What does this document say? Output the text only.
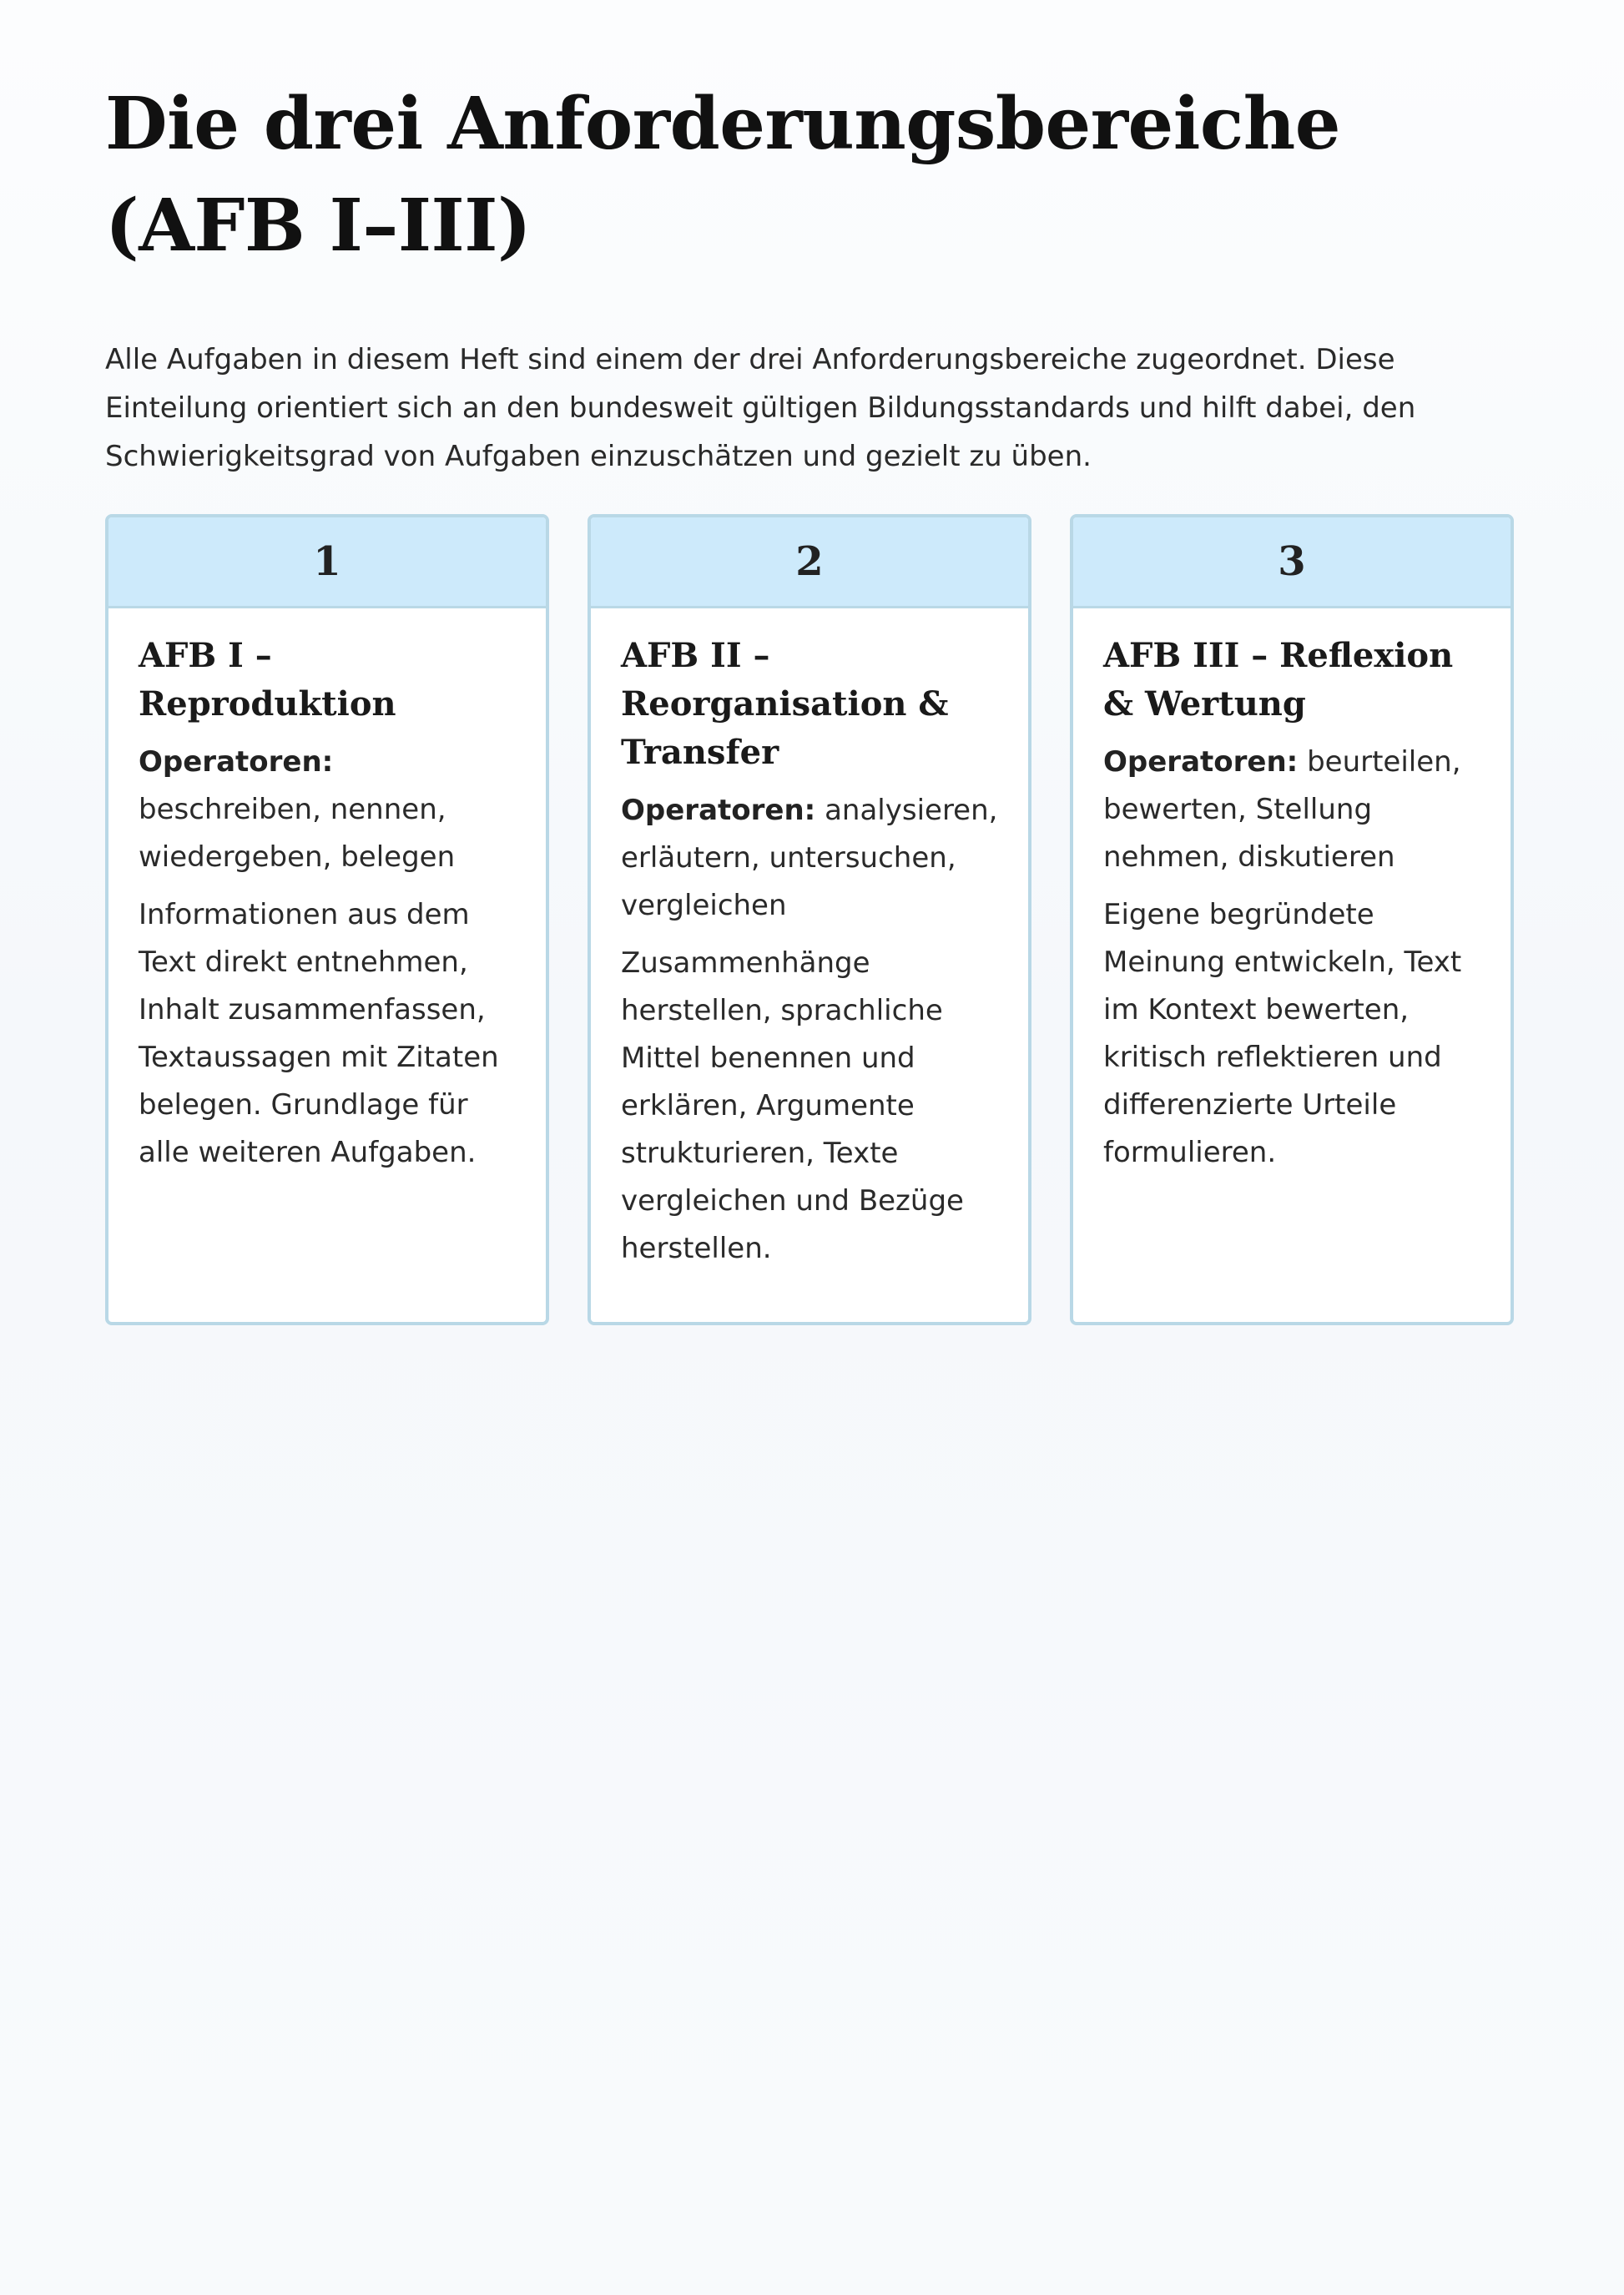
Die drei Anforderungsbereiche (AFB I–III)

Alle Aufgaben in diesem Heft sind einem der drei Anforderungsbereiche zugeordnet. Diese Einteilung orientiert sich an den bundesweit gültigen Bildungsstandards und hilft dabei, den Schwierigkeitsgrad von Aufgaben einzuschätzen und gezielt zu üben.

1
AFB I – Reproduktion

Operatoren: beschreiben, nennen, wiedergeben, belegen

Informationen aus dem Text direkt entnehmen, Inhalt zusammenfassen, Textaussagen mit Zitaten belegen. Grundlage für alle weiteren Aufgaben.

2
AFB II – Reorganisation & Transfer

Operatoren: analysieren, erläutern, untersuchen, vergleichen

Zusammenhänge herstellen, sprachliche Mittel benennen und erklären, Argumente strukturieren, Texte vergleichen und Bezüge herstellen.

3
AFB III – Reflexion & Wertung

Operatoren: beurteilen, bewerten, Stellung nehmen, diskutieren

Eigene begründete Meinung entwickeln, Text im Kontext bewerten, kritisch reflektieren und differenzierte Urteile formulieren.
